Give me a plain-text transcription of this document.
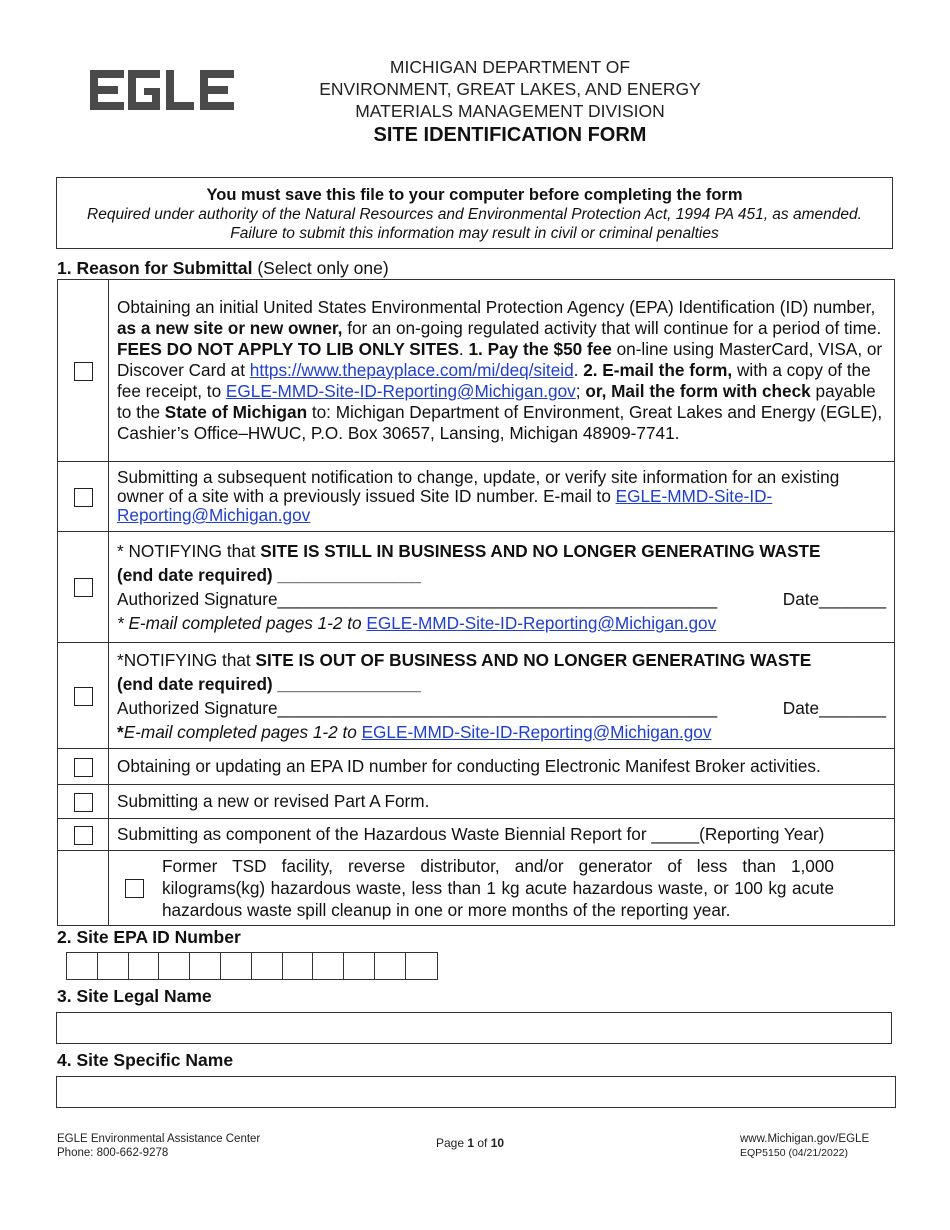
MICHIGAN DEPARTMENT OF
ENVIRONMENT, GREAT LAKES, AND ENERGY
MATERIALS MANAGEMENT DIVISION
SITE IDENTIFICATION FORM
You must save this file to your computer before completing the form
Required under authority of the Natural Resources and Environmental Protection Act, 1994 PA 451, as amended. Failure to submit this information may result in civil or criminal penalties
1. Reason for Submittal (Select only one)
	Obtaining an initial United States Environmental Protection Agency (EPA) Identification (ID) number, as a new site or new owner, for an on-going regulated activity that will continue for a period of time. FEES DO NOT APPLY TO LIB ONLY SITES. 1. Pay the $50 fee on-line using MasterCard, VISA, or Discover Card at https://www.thepayplace.com/mi/deq/siteid. 2. E-mail the form, with a copy of the fee receipt, to EGLE-MMD-Site-ID-Reporting@Michigan.gov; or, Mail the form with check payable to the State of Michigan to: Michigan Department of Environment, Great Lakes and Energy (EGLE), Cashier’s Office–HWUC, P.O. Box 30657, Lansing, Michigan 48909-7741.
	Submitting a subsequent notification to change, update, or verify site information for an existing owner of a site with a previously issued Site ID number. E-mail to EGLE-MMD-Site-ID-Reporting@Michigan.gov

	* NOTIFYING that SITE IS STILL IN BUSINESS AND NO LONGER GENERATING WASTE
(end date required) _______________
Authorized Signature______________________________________________ Date_______
* E-mail completed pages 1-2 to EGLE-MMD-Site-ID-Reporting@Michigan.gov

	*NOTIFYING that SITE IS OUT OF BUSINESS AND NO LONGER GENERATING WASTE
(end date required) _______________
Authorized Signature______________________________________________ Date_______
*E-mail completed pages 1-2 to EGLE-MMD-Site-ID-Reporting@Michigan.gov

	Obtaining or updating an EPA ID number for conducting Electronic Manifest Broker activities.
	Submitting a new or revised Part A Form.
	Submitting as component of the Hazardous Waste Biennial Report for _____(Reporting Year)

	Former TSD facility, reverse distributor, and/or generator of less than 1,000 kilograms(kg) hazardous waste, less than 1 kg acute hazardous waste, or 100 kg acute hazardous waste spill cleanup in one or more months of the reporting year.
2. Site EPA ID Number
3. Site Legal Name
4. Site Specific Name
EGLE Environmental Assistance Center
Phone: 800-662-9278
Page 1 of 10	www.Michigan.gov/EGLE
EQP5150 (04/21/2022)
